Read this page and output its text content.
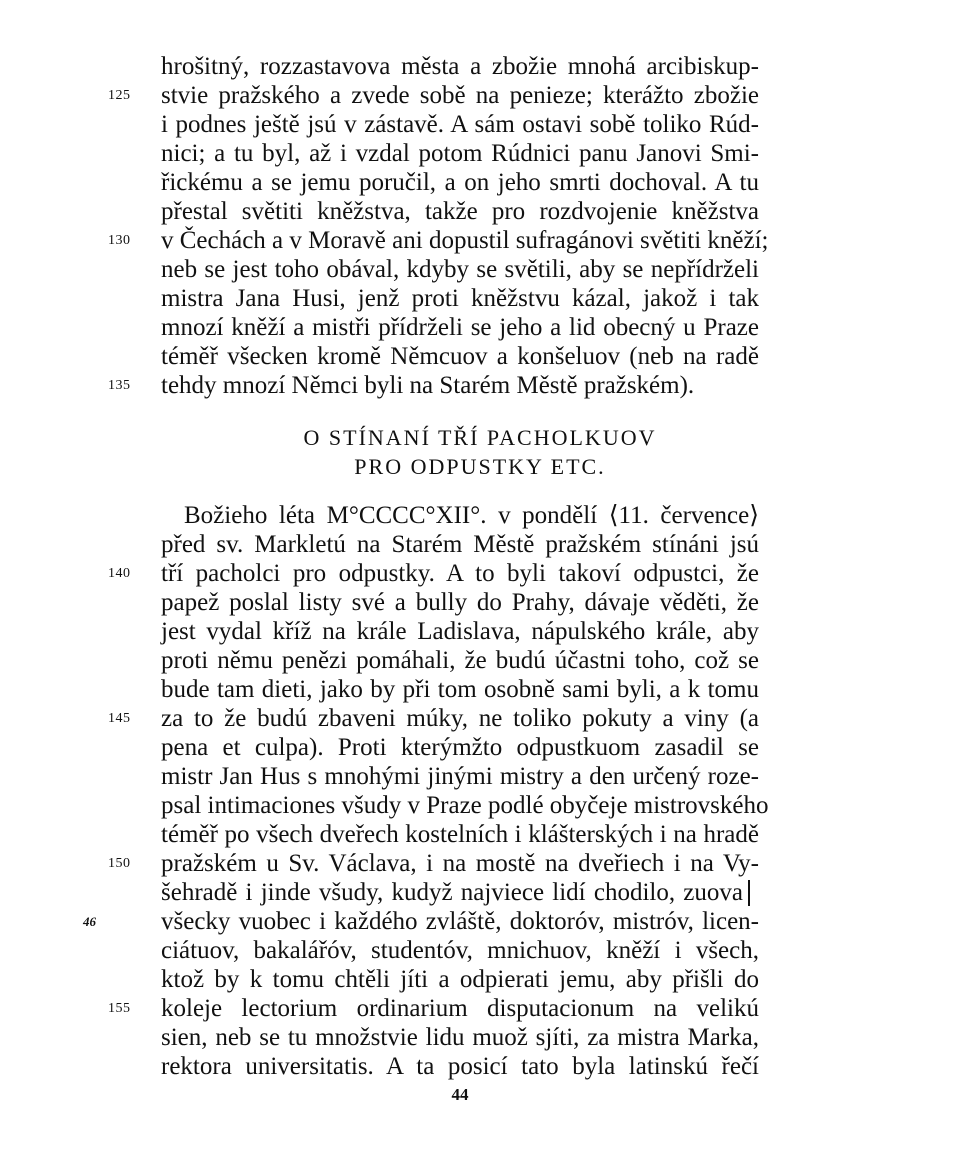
hrošitný, rozzastavova města a zbožie mnohá arcibiskup-
stvie pražského a zvede sobě na penieze; kterážto zbožie
i podnes ještě jsú v zástavě. A sám ostavi sobě toliko Rúd-
nici; a tu byl, až i vzdal potom Rúdnici panu Janovi Smi-
řickému a se jemu poručil, a on jeho smrti dochoval. A tu
přestal světiti kněžstva, takže pro rozdvojenie kněžstva
v Čechách a v Moravě ani dopustil sufragánovi světiti kněží;
neb se jest toho obával, kdyby se světili, aby se nepřídrželi
mistra Jana Husi, jenž proti kněžstvu kázal, jakož i tak
mnozí kněží a mistři přídrželi se jeho a lid obecný u Praze
téměř všecken kromě Němcuov a konšeluov (neb na radě
tehdy mnozí Němci byli na Starém Městě pražském).
O STÍNANÍ TŘÍ PACHOLKUOV
PRO ODPUSTKY ETC.
Božieho léta M°CCCC°XII°. v pondělí ⟨11. července⟩
před sv. Markletú na Starém Městě pražském stínáni jsú
tří pacholci pro odpustky. A to byli takoví odpustci, že
papež poslal listy své a bully do Prahy, dávaje věděti, že
jest vydal kříž na krále Ladislava, nápulského krále, aby
proti němu penězi pomáhali, že budú účastni toho, což se
bude tam dieti, jako by při tom osobně sami byli, a k tomu
za to že budú zbaveni múky, ne toliko pokuty a viny (a
pena et culpa). Proti kterýmžto odpustkuom zasadil se
mistr Jan Hus s mnohými jinými mistry a den určený roze-
psal intimaciones všudy v Praze podlé obyčeje mistrovského
téměř po všech dveřech kostelních i klášterských i na hradě
pražském u Sv. Václava, i na mostě na dveřiech i na Vy-
šehradě i jinde všudy, kudyž najviece lidí chodilo, zuova
všecky vuobec i každého zvláště, doktoróv, mistróv, licen-
ciátuov, bakalářóv, studentóv, mnichuov, kněží i všech,
ktož by k tomu chtěli jíti a odpierati jemu, aby přišli do
koleje lectorium ordinarium disputacionum na velikú
sien, neb se tu množstvie lidu muož sjíti, za mistra Marka,
rektora universitatis. A ta posicí tato byla latinskú řečí
125
130
135
140
145
150
155
46
44
